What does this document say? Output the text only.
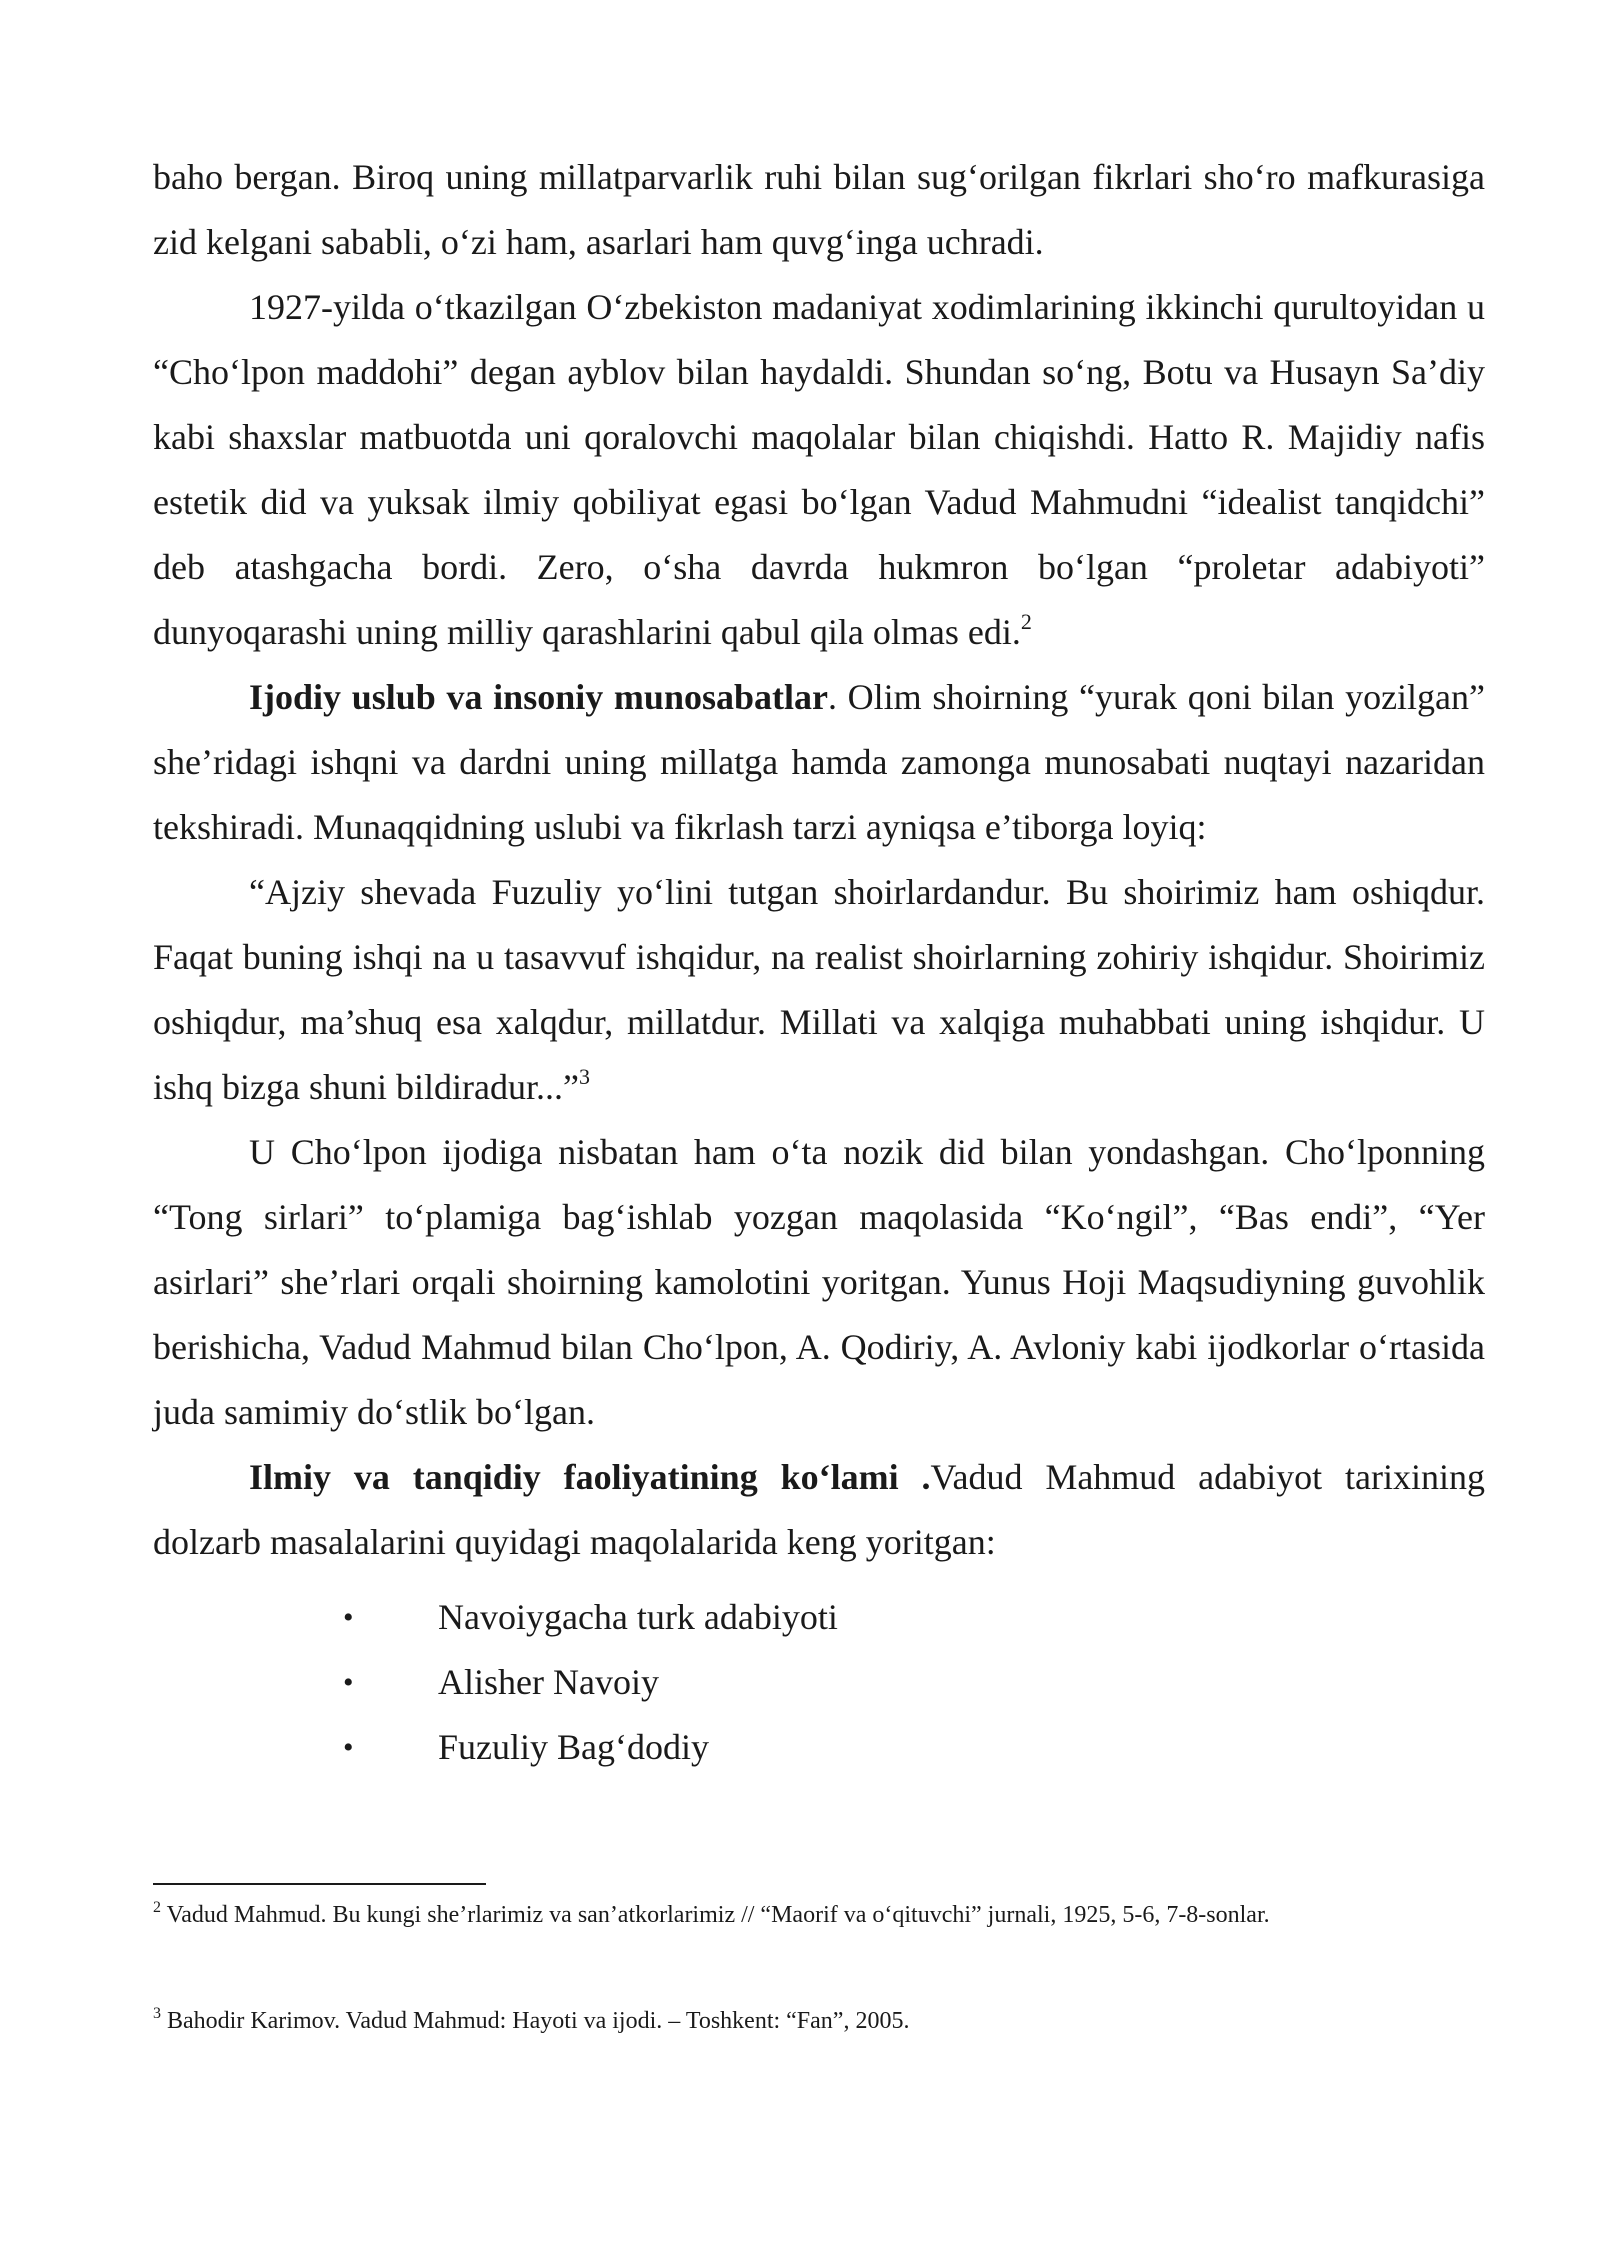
baho bergan. Biroq uning millatparvarlik ruhi bilan sug‘orilgan fikrlari sho‘ro mafkurasiga zid kelgani sababli, o‘zi ham, asarlari ham quvg‘inga uchradi.

1927-yilda o‘tkazilgan O‘zbekiston madaniyat xodimlarining ikkinchi qurultoyidan u “Cho‘lpon maddohi” degan ayblov bilan haydaldi. Shundan so‘ng, Botu va Husayn Sa’diy kabi shaxslar matbuotda uni qoralovchi maqolalar bilan chiqishdi. Hatto R. Majidiy nafis estetik did va yuksak ilmiy qobiliyat egasi bo‘lgan Vadud Mahmudni “idealist tanqidchi” deb atashgacha bordi. Zero, o‘sha davrda hukmron bo‘lgan “proletar adabiyoti” dunyoqarashi uning milliy qarashlarini qabul qila olmas edi.$^2$

Ijodiy uslub va insoniy munosabatlar. Olim shoirning “yurak qoni bilan yozilgan” she’ridagi ishqni va dardni uning millatga hamda zamonga munosabati nuqtayi nazaridan tekshiradi. Munaqqidning uslubi va fikrlash tarzi ayniqsa e’tiborga loyiq:

“Ajziy shevada Fuzuliy yo‘lini tutgan shoirlardandur. Bu shoirimiz ham oshiqdur. Faqat buning ishqi na u tasavvuf ishqidur, na realist shoirlarning zohiriy ishqidur. Shoirimiz oshiqdur, ma’shuq esa xalqdur, millatdur. Millati va xalqiga muhabbati uning ishqidur. U ishq bizga shuni bildiradur...”$^3$

U Cho‘lpon ijodiga nisbatan ham o‘ta nozik did bilan yondashgan. Cho‘lponning “Tong sirlari” to‘plamiga bag‘ishlab yozgan maqolasida “Ko‘ngil”, “Bas endi”, “Yer asirlari” she’rlari orqali shoirning kamolotini yoritgan. Yunus Hoji Maqsudiyning guvohlik berishicha, Vadud Mahmud bilan Cho‘lpon, A. Qodiriy, A. Avloniy kabi ijodkorlar o‘rtasida juda samimiy do‘stlik bo‘lgan.

Ilmiy va tanqidiy faoliyatining ko‘lami .Vadud Mahmud adabiyot tarixining dolzarb masalalarini quyidagi maqolalarida keng yoritgan:

•	Navoiygacha turk adabiyoti
•	Alisher Navoiy
•	Fuzuliy Bag‘dodiy

$^2$ Vadud Mahmud. Bu kungi she’rlarimiz va san’atkorlarimiz // “Maorif va o‘qituvchi” jurnali, 1925, 5-6, 7-8-sonlar.

$^3$ Bahodir Karimov. Vadud Mahmud: Hayoti va ijodi. – Toshkent: “Fan”, 2005.
